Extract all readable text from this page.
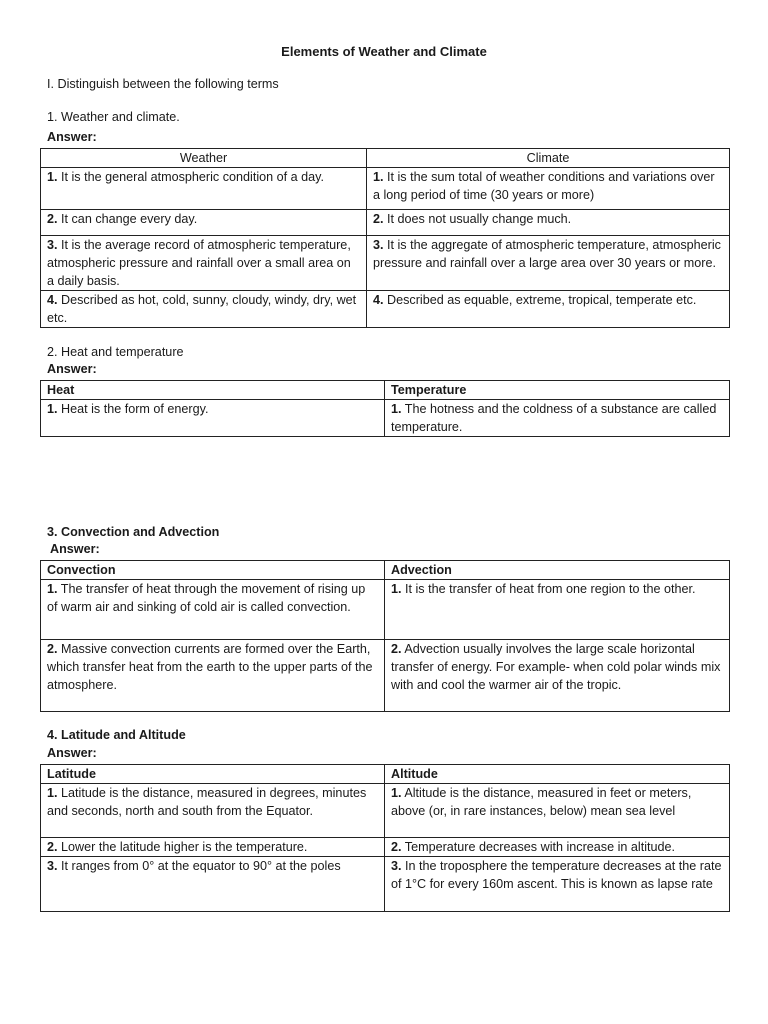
Elements of Weather and Climate
I. Distinguish between the following terms
1. Weather and climate.
Answer:
Weather	Climate
1. It is the general atmospheric condition of a day.	1. It is the sum total of weather conditions and variations over a long period of time (30 years or more)
2. It can change every day.	2. It does not usually change much.
3. It is the average record of atmospheric temperature, atmospheric pressure and rainfall over a small area on a daily basis.	3. It is the aggregate of atmospheric temperature, atmospheric pressure and rainfall over a large area over 30 years or more.
4. Described as hot, cold, sunny, cloudy, windy, dry, wet etc.	4. Described as equable, extreme, tropical, temperate etc.
2. Heat and temperature
Answer:
Heat	Temperature
1. Heat is the form of energy.	1. The hotness and the coldness of a substance are called temperature.
3. Convection and Advection
Answer:
Convection	Advection
1. The transfer of heat through the movement of rising up of warm air and sinking of cold air is called convection.	1. It is the transfer of heat from one region to the other.
2. Massive convection currents are formed over the Earth, which transfer heat from the earth to the upper parts of the atmosphere.	2. Advection usually involves the large scale horizontal transfer of energy. For example- when cold polar winds mix with and cool the warmer air of the tropic.
4. Latitude and Altitude
Answer:
Latitude	Altitude
1. Latitude is the distance, measured in degrees, minutes and seconds, north and south from the Equator.	1. Altitude is the distance, measured in feet or meters, above (or, in rare instances, below) mean sea level
2. Lower the latitude higher is the temperature.	2. Temperature decreases with increase in altitude.
3. It ranges from 0° at the equator to 90° at the poles	3. In the troposphere the temperature decreases at the rate of 1°C for every 160m ascent. This is known as lapse rate
